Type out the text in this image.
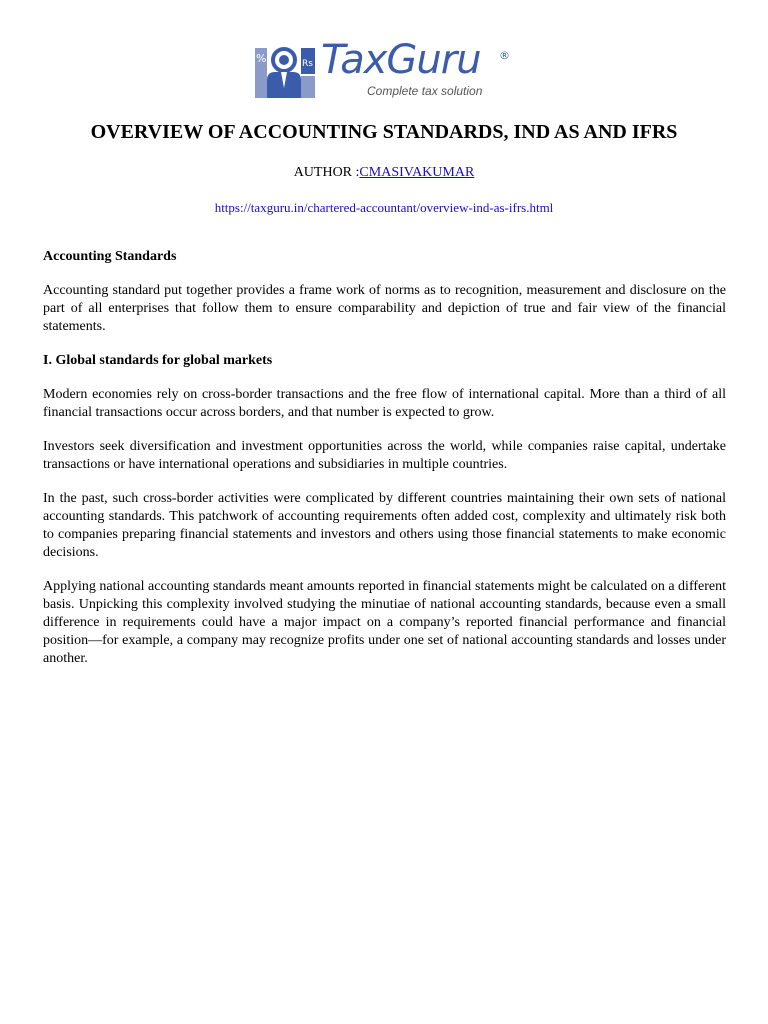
%	Rs TaxGuru ®
Complete tax solution
OVERVIEW OF ACCOUNTING STANDARDS, IND AS AND IFRS
AUTHOR :CMASIVAKUMAR
https://taxguru.in/chartered-accountant/overview-ind-as-ifrs.html
Accounting Standards

Accounting standard put together provides a frame work of norms as to recognition, measurement and disclosure on the part of all enterprises that follow them to ensure comparability and depiction of true and fair view of the financial statements.

I. Global standards for global markets

Modern economies rely on cross-border transactions and the free flow of international capital. More than a third of all financial transactions occur across borders, and that number is expected to grow.

Investors seek diversification and investment opportunities across the world, while companies raise capital, undertake transactions or have international operations and subsidiaries in multiple countries.

In the past, such cross-border activities were complicated by different countries maintaining their own sets of national accounting standards. This patchwork of accounting requirements often added cost, complexity and ultimately risk both to companies preparing financial statements and investors and others using those financial statements to make economic decisions.

Applying national accounting standards meant amounts reported in financial statements might be calculated on a different basis. Unpicking this complexity involved studying the minutiae of national accounting standards, because even a small difference in requirements could have a major impact on a company’s reported financial performance and financial position—for example, a company may recognize profits under one set of national accounting standards and losses under another.
